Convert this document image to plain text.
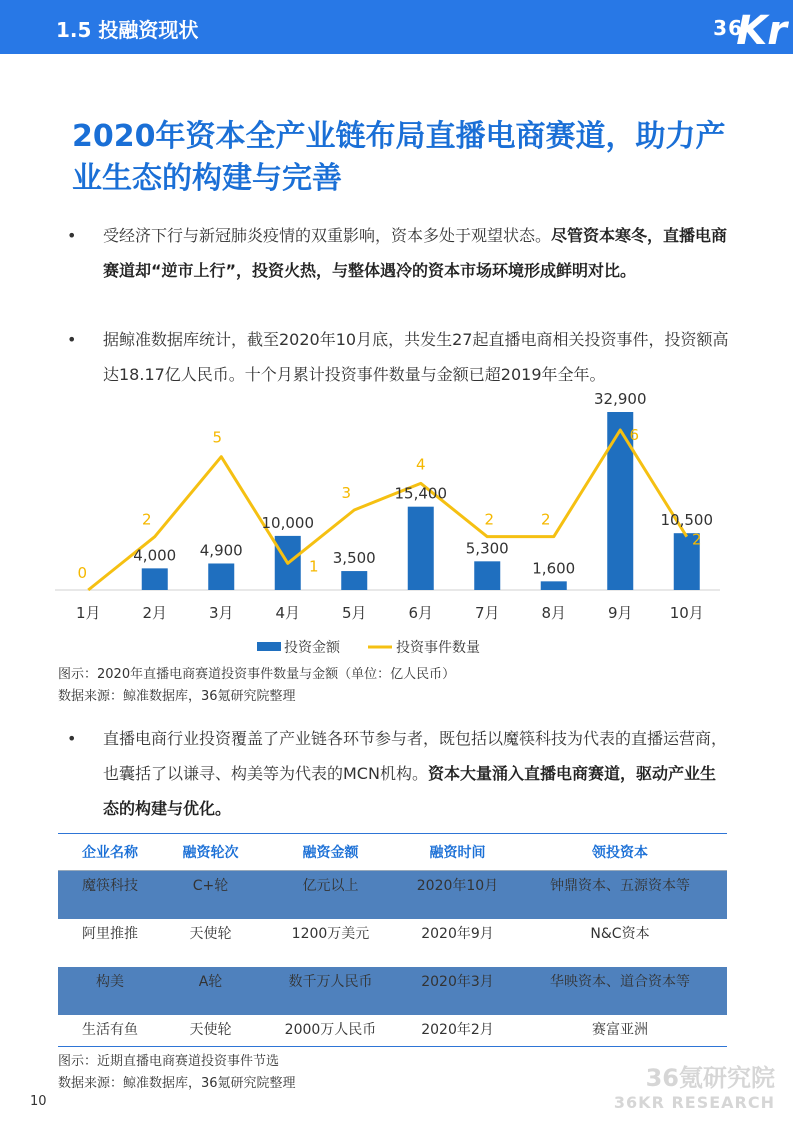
1.5 投融资现状	36
Kr
2020年资本全产业链布局直播电商赛道，助力产业生态的构建与完善
• 受经济下行与新冠肺炎疫情的双重影响，资本多处于观望状态。尽管资本寒冬，直播电商赛道却“逆市上行”，投资火热，与整体遇冷的资本市场环境形成鲜明对比。
• 据鲸准数据库统计，截至2020年10月底，共发生27起直播电商相关投资事件，投资额高达18.17亿人民币。十个月累计投资事件数量与金额已超2019年全年。
4,000 4,900
10,000
3,500
15,400
5,300
1,600
32,900
10,500
0
2
5
1
3
4
2	2
6
2
1月	2月	3月	4月	5月	6月	7月	8月	9月 10月
投资金额	投资事件数量
图示：2020年直播电商赛道投资事件数量与金额（单位：亿人民币）
数据来源：鲸准数据库，36氪研究院整理
• 直播电商行业投资覆盖了产业链各环节参与者，既包括以魔筷科技为代表的直播运营商，也囊括了以谦寻、构美等为代表的MCN机构。资本大量涌入直播电商赛道，驱动产业生态的构建与优化。
企业名称	融资轮次	融资金额	融资时间	领投资本
魔筷科技	C+轮	亿元以上	2020年10月	钟鼎资本、五源资本等
阿里推推	天使轮	1200万美元	2020年9月	N&C资本
构美	A轮	数千万人民币	2020年3月	华映资本、道合资本等
生活有鱼	天使轮	2000万人民币	2020年2月	赛富亚洲
图示：近期直播电商赛道投资事件节选
数据来源：鲸准数据库，36氪研究院整理	36氪研究院
36KR RESEARCH
10
